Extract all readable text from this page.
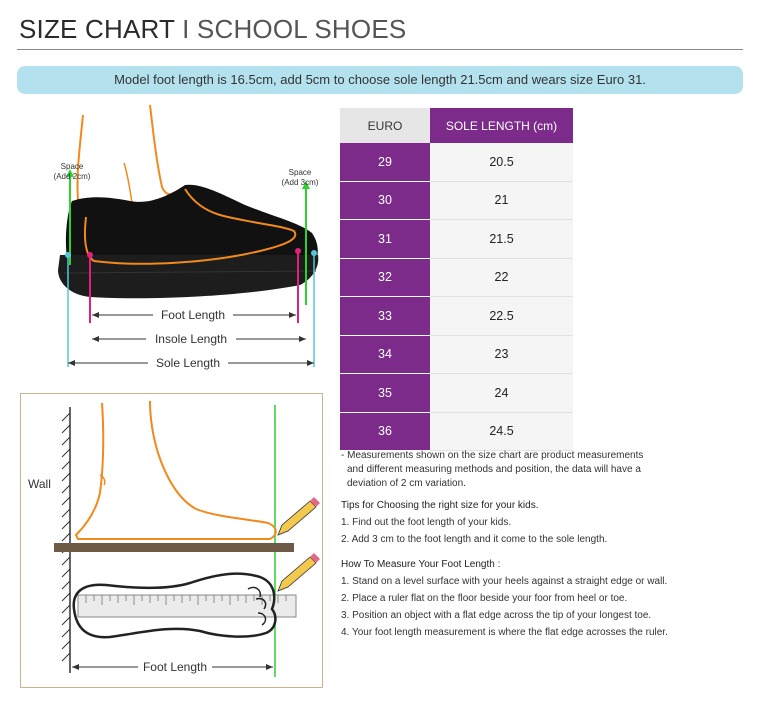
SIZE CHART I SCHOOL SHOES
Model foot length is 16.5cm, add 5cm to choose sole length 21.5cm and wears size Euro 31.
Space
(Add 2cm)	Space
(Add 3cm)
Foot Length
Insole Length
Sole Length
Wall
Foot Length
EURO	SOLE LENGTH (cm)
29	20.5
30	21
31	21.5
32	22
33	22.5
34	23
35	24
36	24.5

- Measurements shown on the size chart are product measurements

and different measuring methods and position, the data will have a

deviation of 2 cm variation.

Tips for Choosing the right size for your kids.

1. Find out the foot length of your kids.

2. Add 3 cm to the foot length and it come to the sole length.

How To Measure Your Foot Length :

1. Stand on a level surface with your heels against a straight edge or wall.

2. Place a ruler flat on the floor beside your foor from heel or toe.

3. Position an object with a flat edge across the tip of your longest toe.

4. Your foot length measurement is where the flat edge acrosses the ruler.
